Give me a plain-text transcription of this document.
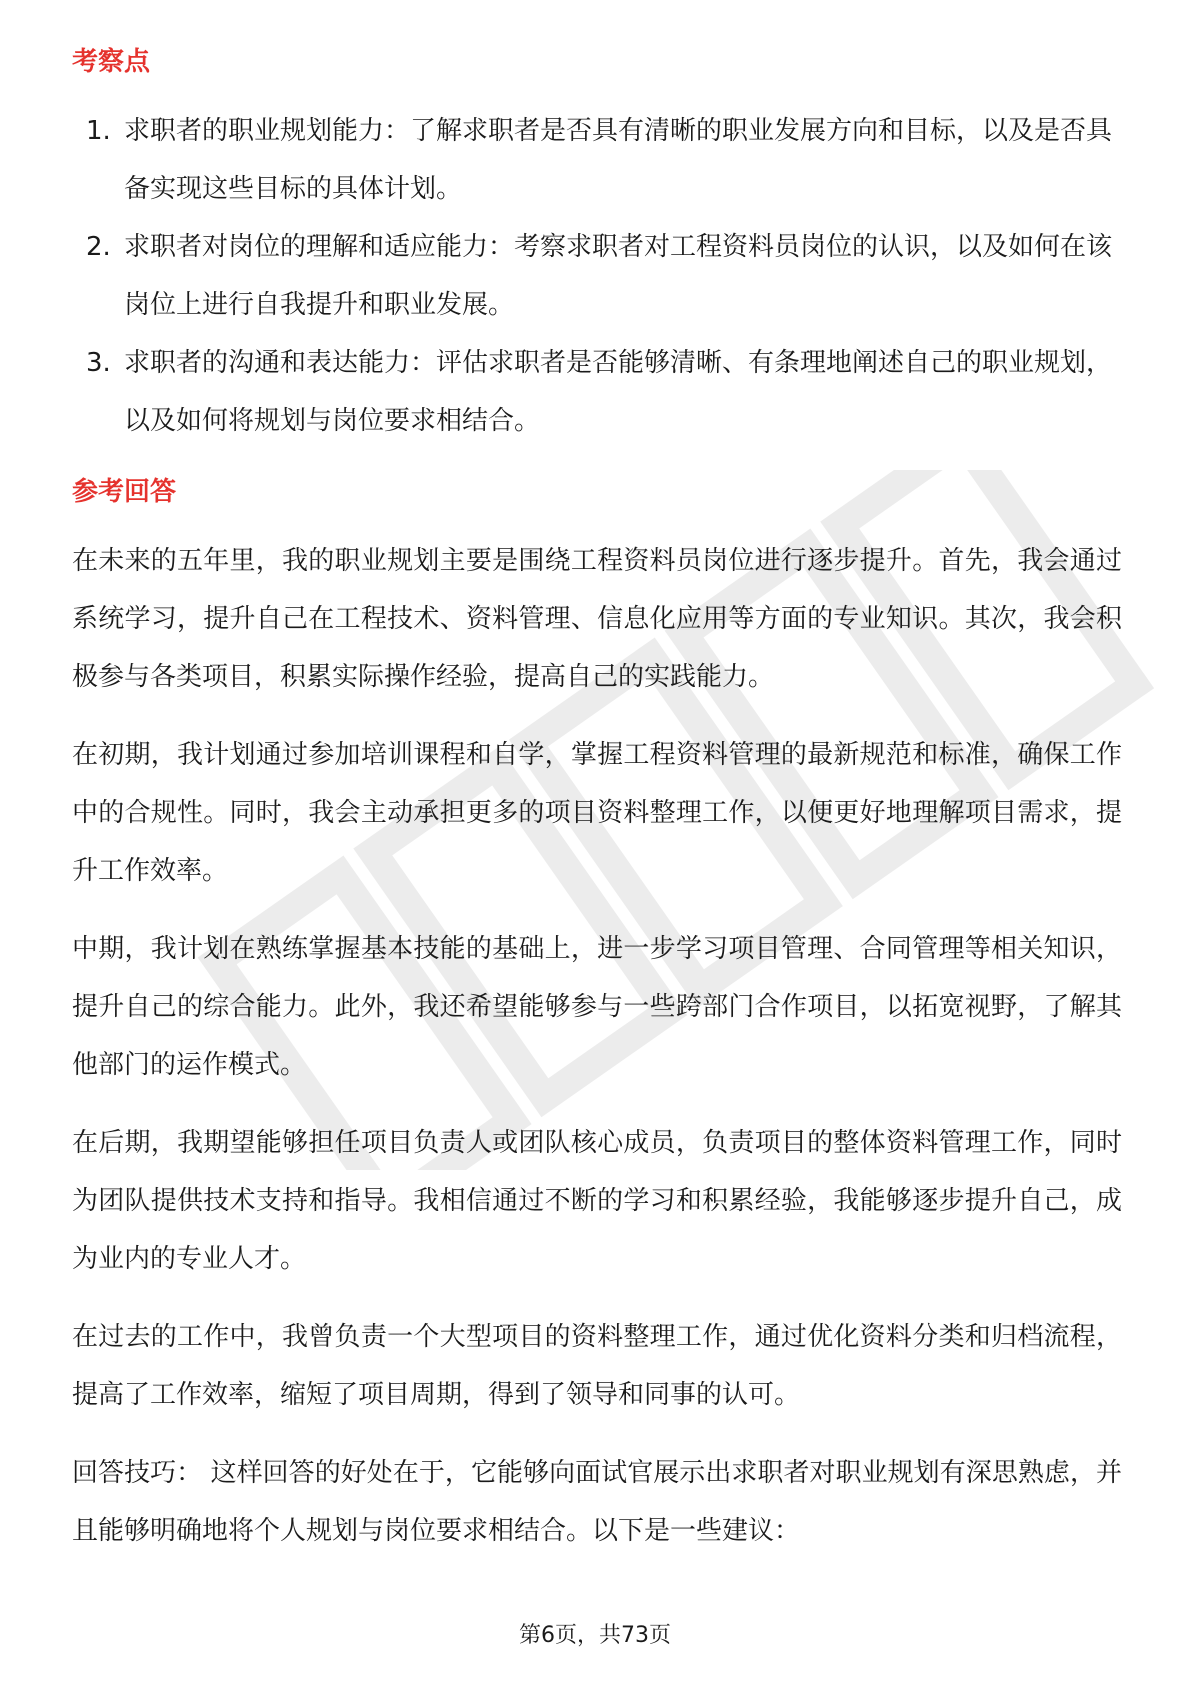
考察点
1. 求职者的职业规划能力：了解求职者是否具有清晰的职业发展方向和目标，以及是否具备实现这些目标的具体计划。
2. 求职者对岗位的理解和适应能力：考察求职者对工程资料员岗位的认识，以及如何在该岗位上进行自我提升和职业发展。
3. 求职者的沟通和表达能力：评估求职者是否能够清晰、有条理地阐述自己的职业规划，以及如何将规划与岗位要求相结合。
参考回答

在未来的五年里，我的职业规划主要是围绕工程资料员岗位进行逐步提升。首先，我会通过系统学习，提升自己在工程技术、资料管理、信息化应用等方面的专业知识。其次，我会积极参与各类项目，积累实际操作经验，提高自己的实践能力。

在初期，我计划通过参加培训课程和自学，掌握工程资料管理的最新规范和标准，确保工作中的合规性。同时，我会主动承担更多的项目资料整理工作，以便更好地理解项目需求，提升工作效率。

中期，我计划在熟练掌握基本技能的基础上，进一步学习项目管理、合同管理等相关知识，提升自己的综合能力。此外，我还希望能够参与一些跨部门合作项目，以拓宽视野，了解其他部门的运作模式。

在后期，我期望能够担任项目负责人或团队核心成员，负责项目的整体资料管理工作，同时为团队提供技术支持和指导。我相信通过不断的学习和积累经验，我能够逐步提升自己，成为业内的专业人才。

在过去的工作中，我曾负责一个大型项目的资料整理工作，通过优化资料分类和归档流程，提高了工作效率，缩短了项目周期，得到了领导和同事的认可。

回答技巧： 这样回答的好处在于，它能够向面试官展示出求职者对职业规划有深思熟虑，并且能够明确地将个人规划与岗位要求相结合。以下是一些建议：

第6页，共73页
